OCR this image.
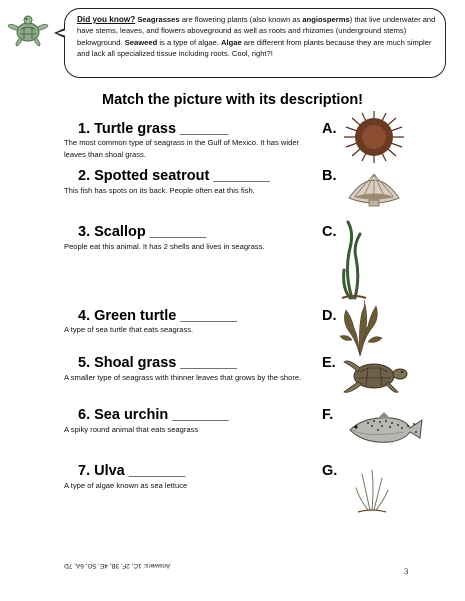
Did you know? Seagrasses are flowering plants (also known as angiosperms) that live underwater and have stems, leaves, and flowers aboveground as well as roots and rhizomes (underground stems) belowground. Seaweed is a type of algae. Algae are different from plants because they are much simpler and lack all specialized tissue including roots. Cool, right?!
Match the picture with its description!
1. Turtle grass ______
The most common type of seagrass in the Gulf of Mexico. It has wider leaves than shoal grass.
2. Spotted seatrout _______
This fish has spots on its back. People often eat this fish.
3. Scallop _______
People eat this animal. It has 2 shells and lives in seagrass.
4. Green turtle _______
A type of sea turtle that eats seagrass.
5. Shoal grass _______
A smaller type of seagrass with thinner leaves that grows by the shore.
6. Sea urchin _______
A spiky round animal that eats seagrass
7. Ulva _______
A type of algae known as sea lettuce
A.
B.
C.
D.
E.
F.
G.
Answers: 1C, 2F, 3B, 4E, 5G, 6A, 7D
3
